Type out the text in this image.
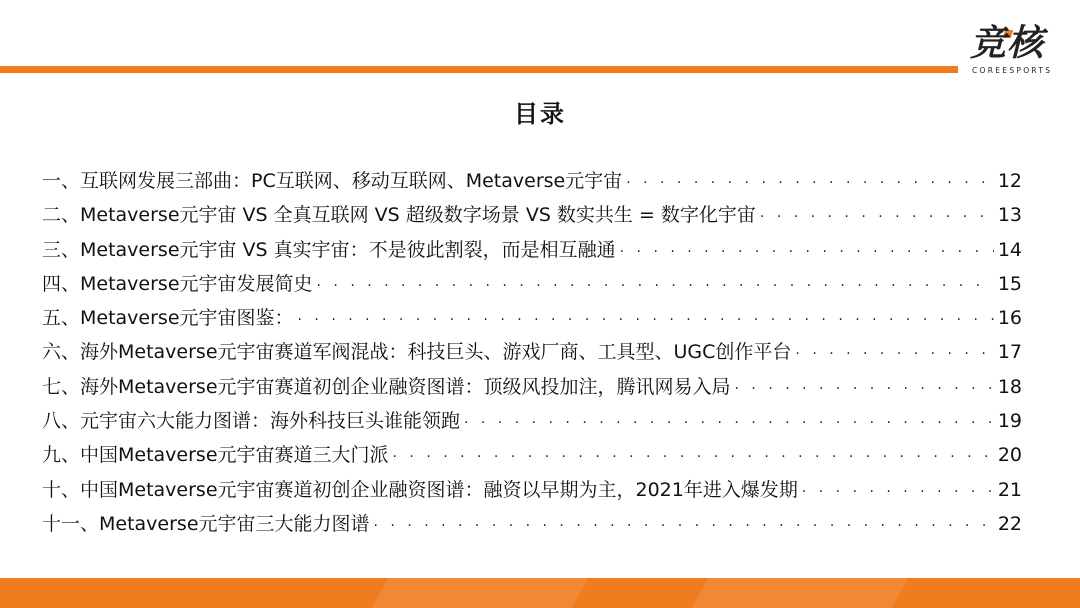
竞核
COREESPORTS
目录
一、互联网发展三部曲：PC互联网、移动互联网、Metaverse元宇宙 · · ·	12
二、Metaverse元宇宙 VS 全真互联网 VS 超级数字场景 VS 数实共生 = 数字化宇宙 · · ·	13
三、Metaverse元宇宙 VS 真实宇宙：不是彼此割裂，而是相互融通 · · ·	14
四、Metaverse元宇宙发展简史 · · ·	15
五、Metaverse元宇宙图鉴： · · ·	16
六、海外Metaverse元宇宙赛道军阀混战：科技巨头、游戏厂商、工具型、UGC创作平台 · · ·	17
七、海外Metaverse元宇宙赛道初创企业融资图谱：顶级风投加注，腾讯网易入局 · · ·	18
八、元宇宙六大能力图谱：海外科技巨头谁能领跑 · · ·	19
九、中国Metaverse元宇宙赛道三大门派 · · ·	20
十、中国Metaverse元宇宙赛道初创企业融资图谱：融资以早期为主，2021年进入爆发期 · · ·	21
十一、Metaverse元宇宙三大能力图谱 · · ·	22
